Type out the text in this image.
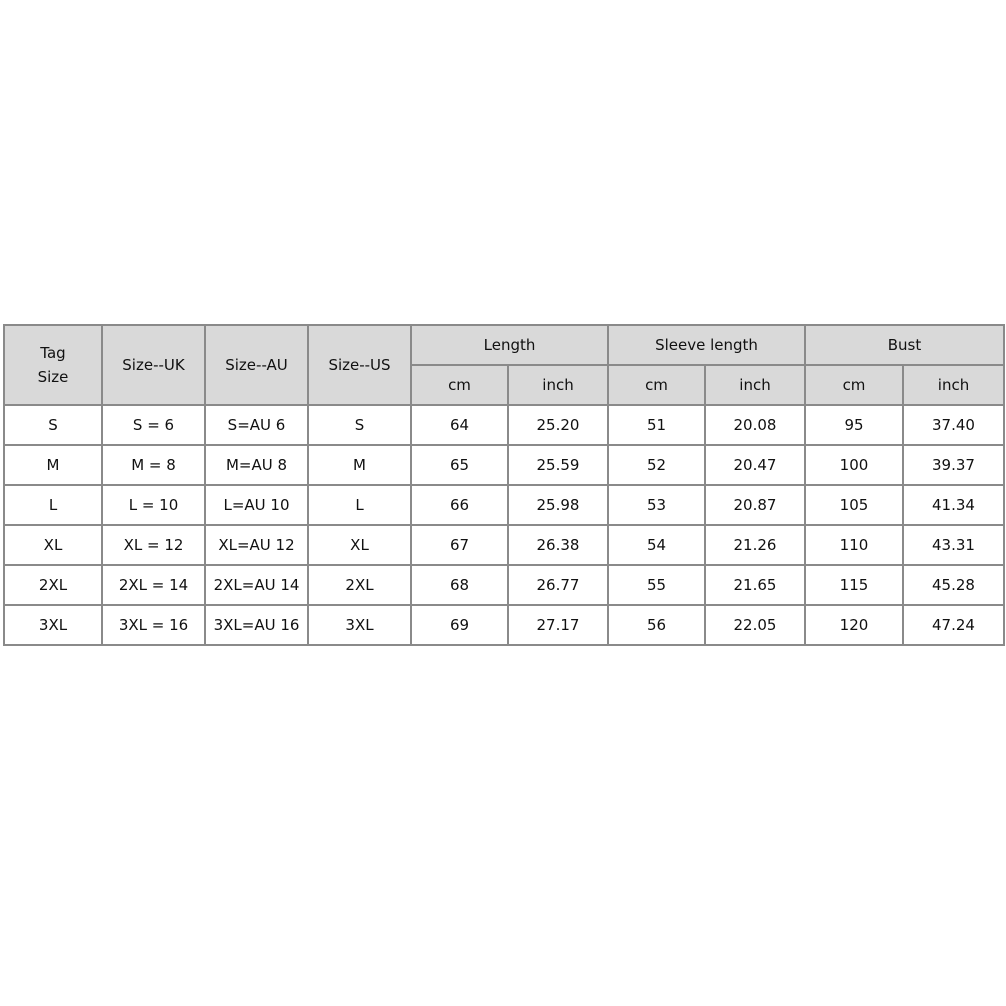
Tag
Size	Size--UK	Size--AU	Size--US	Length		Sleeve length		Bust	
				cm	inch	cm	inch	cm	inch
S	S = 6	S=AU 6	S	64	25.20	51	20.08	95	37.40
M	M = 8	M=AU 8	M	65	25.59	52	20.47	100	39.37
L	L = 10	L=AU 10	L	66	25.98	53	20.87	105	41.34
XL	XL = 12	XL=AU 12	XL	67	26.38	54	21.26	110	43.31
2XL	2XL = 14	2XL=AU 14	2XL	68	26.77	55	21.65	115	45.28
3XL	3XL = 16	3XL=AU 16	3XL	69	27.17	56	22.05	120	47.24
